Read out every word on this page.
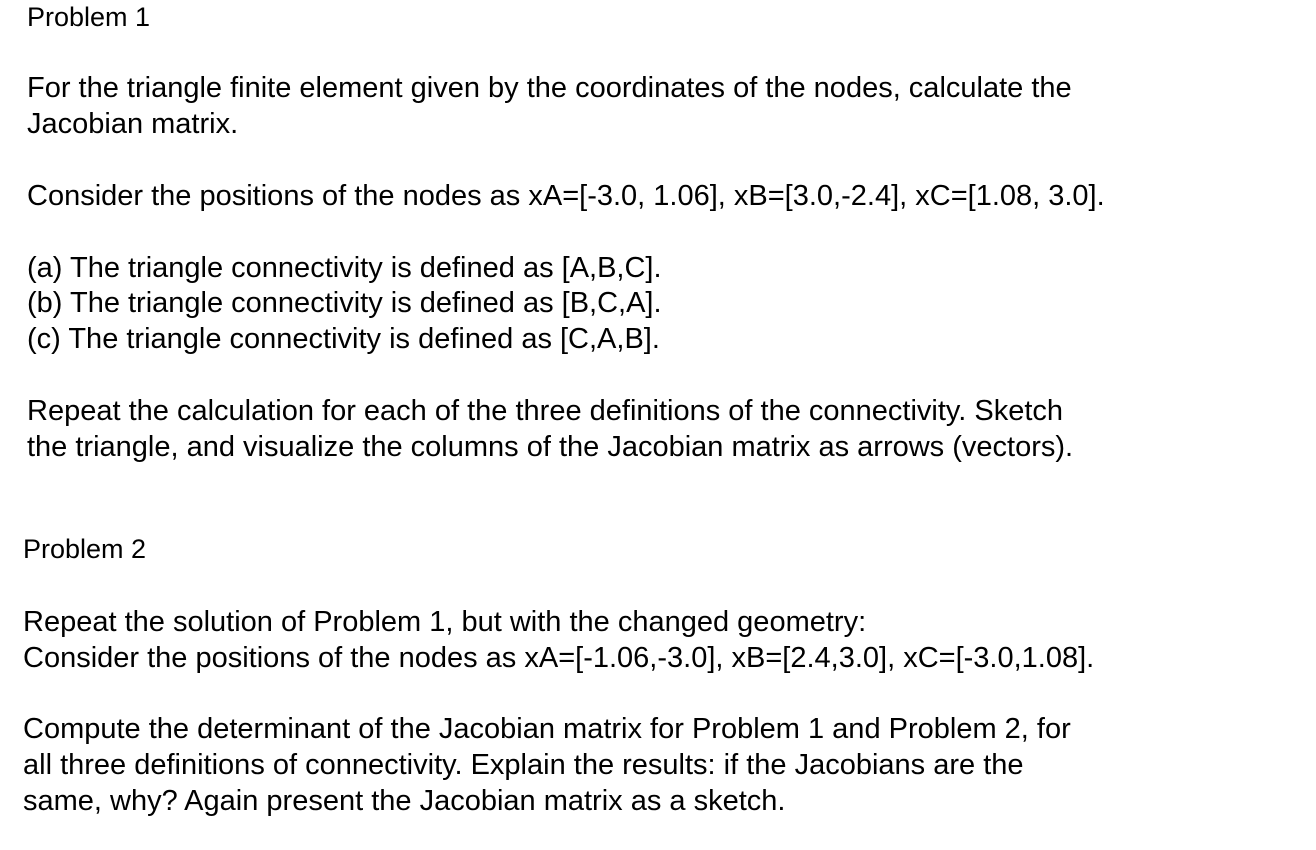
Problem 1
For the triangle finite element given by the coordinates of the nodes, calculate the
Jacobian matrix.
Consider the positions of the nodes as xA=[-3.0, 1.06], xB=[3.0,-2.4], xC=[1.08, 3.0].
(a) The triangle connectivity is defined as [A,B,C].
(b) The triangle connectivity is defined as [B,C,A].
(c) The triangle connectivity is defined as [C,A,B].
Repeat the calculation for each of the three definitions of the connectivity. Sketch
the triangle, and visualize the columns of the Jacobian matrix as arrows (vectors).
Problem 2
Repeat the solution of Problem 1, but with the changed geometry:
Consider the positions of the nodes as xA=[-1.06,-3.0], xB=[2.4,3.0], xC=[-3.0,1.08].
Compute the determinant of the Jacobian matrix for Problem 1 and Problem 2, for
all three definitions of connectivity. Explain the results: if the Jacobians are the
same, why? Again present the Jacobian matrix as a sketch.
